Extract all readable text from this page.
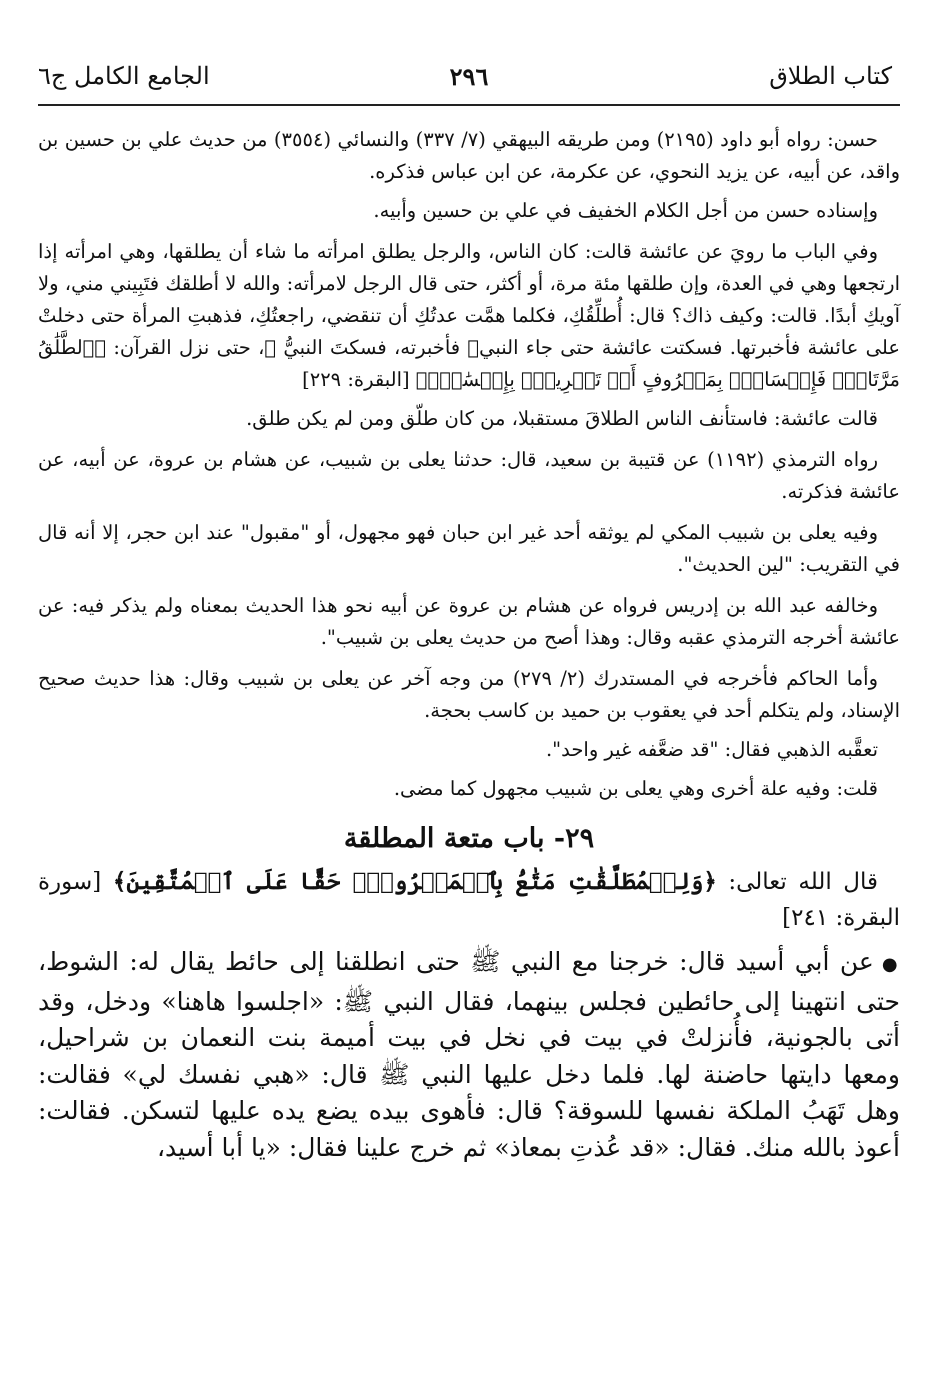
كتاب الطلاق
٢٩٦
الجامع الكامل ج٦

حسن: رواه أبو داود (٢١٩٥) ومن طريقه البيهقي (٧/ ٣٣٧) والنسائي (٣٥٥٤) من حديث علي بن حسين بن واقد، عن أبيه، عن يزيد النحوي، عن عكرمة، عن ابن عباس فذكره.

وإسناده حسن من أجل الكلام الخفيف في علي بن حسين وأبيه.

وفي الباب ما رويَ عن عائشة قالت: كان الناس، والرجل يطلق امرأته ما شاء أن يطلقها، وهي امرأته إذا ارتجعها وهي في العدة، وإن طلقها مئة مرة، أو أكثر، حتى قال الرجل لامرأته: والله لا أطلقك فتَبِيني مني، ولا آويكِ أبدًا. قالت: وكيف ذاك؟ قال: أُطلِّقُكِ، فكلما همَّت عدتُكِ أن تنقضي، راجعتُكِ، فذهبتِ المرأة حتى دخلتْ على عائشة فأخبرتها. فسكتت عائشة حتى جاء النبيﷺ فأخبرته، فسكتَ النبيُّ ﷺ، حتى نزل القرآن: ﴿ٱلطَّلَٰقُ مَرَّتَانِۖ فَإِمۡسَاكُۢ بِمَعۡرُوفٍ أَوۡ تَسۡرِيحُۢ بِإِحۡسَٰنٖۗ﴾ [البقرة: ٢٢٩]

قالت عائشة: فاستأنف الناس الطلاقَ مستقبلا، من كان طلّق ومن لم يكن طلق.

رواه الترمذي (١١٩٢) عن قتيبة بن سعيد، قال: حدثنا يعلى بن شبيب، عن هشام بن عروة، عن أبيه، عن عائشة فذكرته.

وفيه يعلى بن شبيب المكي لم يوثقه أحد غير ابن حبان فهو مجهول، أو "مقبول" عند ابن حجر، إلا أنه قال في التقريب: "لين الحديث".

وخالفه عبد الله بن إدريس فرواه عن هشام بن عروة عن أبيه نحو هذا الحديث بمعناه ولم يذكر فيه: عن عائشة أخرجه الترمذي عقبه وقال: وهذا أصح من حديث يعلى بن شبيب".

وأما الحاكم فأخرجه في المستدرك (٢/ ٢٧٩) من وجه آخر عن يعلى بن شبيب وقال: هذا حديث صحيح الإسناد، ولم يتكلم أحد في يعقوب بن حميد بن كاسب بحجة.

تعقَّبه الذهبي فقال: "قد ضعَّفه غير واحد".

قلت: وفيه علة أخرى وهي يعلى بن شبيب مجهول كما مضى.

٢٩- باب متعة المطلقة

قال الله تعالى: ﴿وَلِلۡمُطَلَّقَٰتِ مَتَٰعُۢ بِٱلۡمَعۡرُوفِۖ حَقًّا عَلَى ٱلۡمُتَّقِينَ﴾ [سورة البقرة: ٢٤١]

●عن أبي أسيد قال: خرجنا مع النبي ﷺ حتى انطلقنا إلى حائط يقال له: الشوط، حتى انتهينا إلى حائطين فجلس بينهما، فقال النبي ﷺ: «اجلسوا هاهنا» ودخل، وقد أتى بالجونية، فأُنزلتْ في بيت في نخل في بيت أميمة بنت النعمان بن شراحيل، ومعها دايتها حاضنة لها. فلما دخل عليها النبي ﷺ قال: «هبي نفسك لي» فقالت: وهل تَهَبُ الملكة نفسها للسوقة؟ قال: فأهوى بيده يضع يده عليها لتسكن. فقالت: أعوذ بالله منك. فقال: «قد عُذتِ بمعاذ» ثم خرج علينا فقال: «يا أبا أسيد،
